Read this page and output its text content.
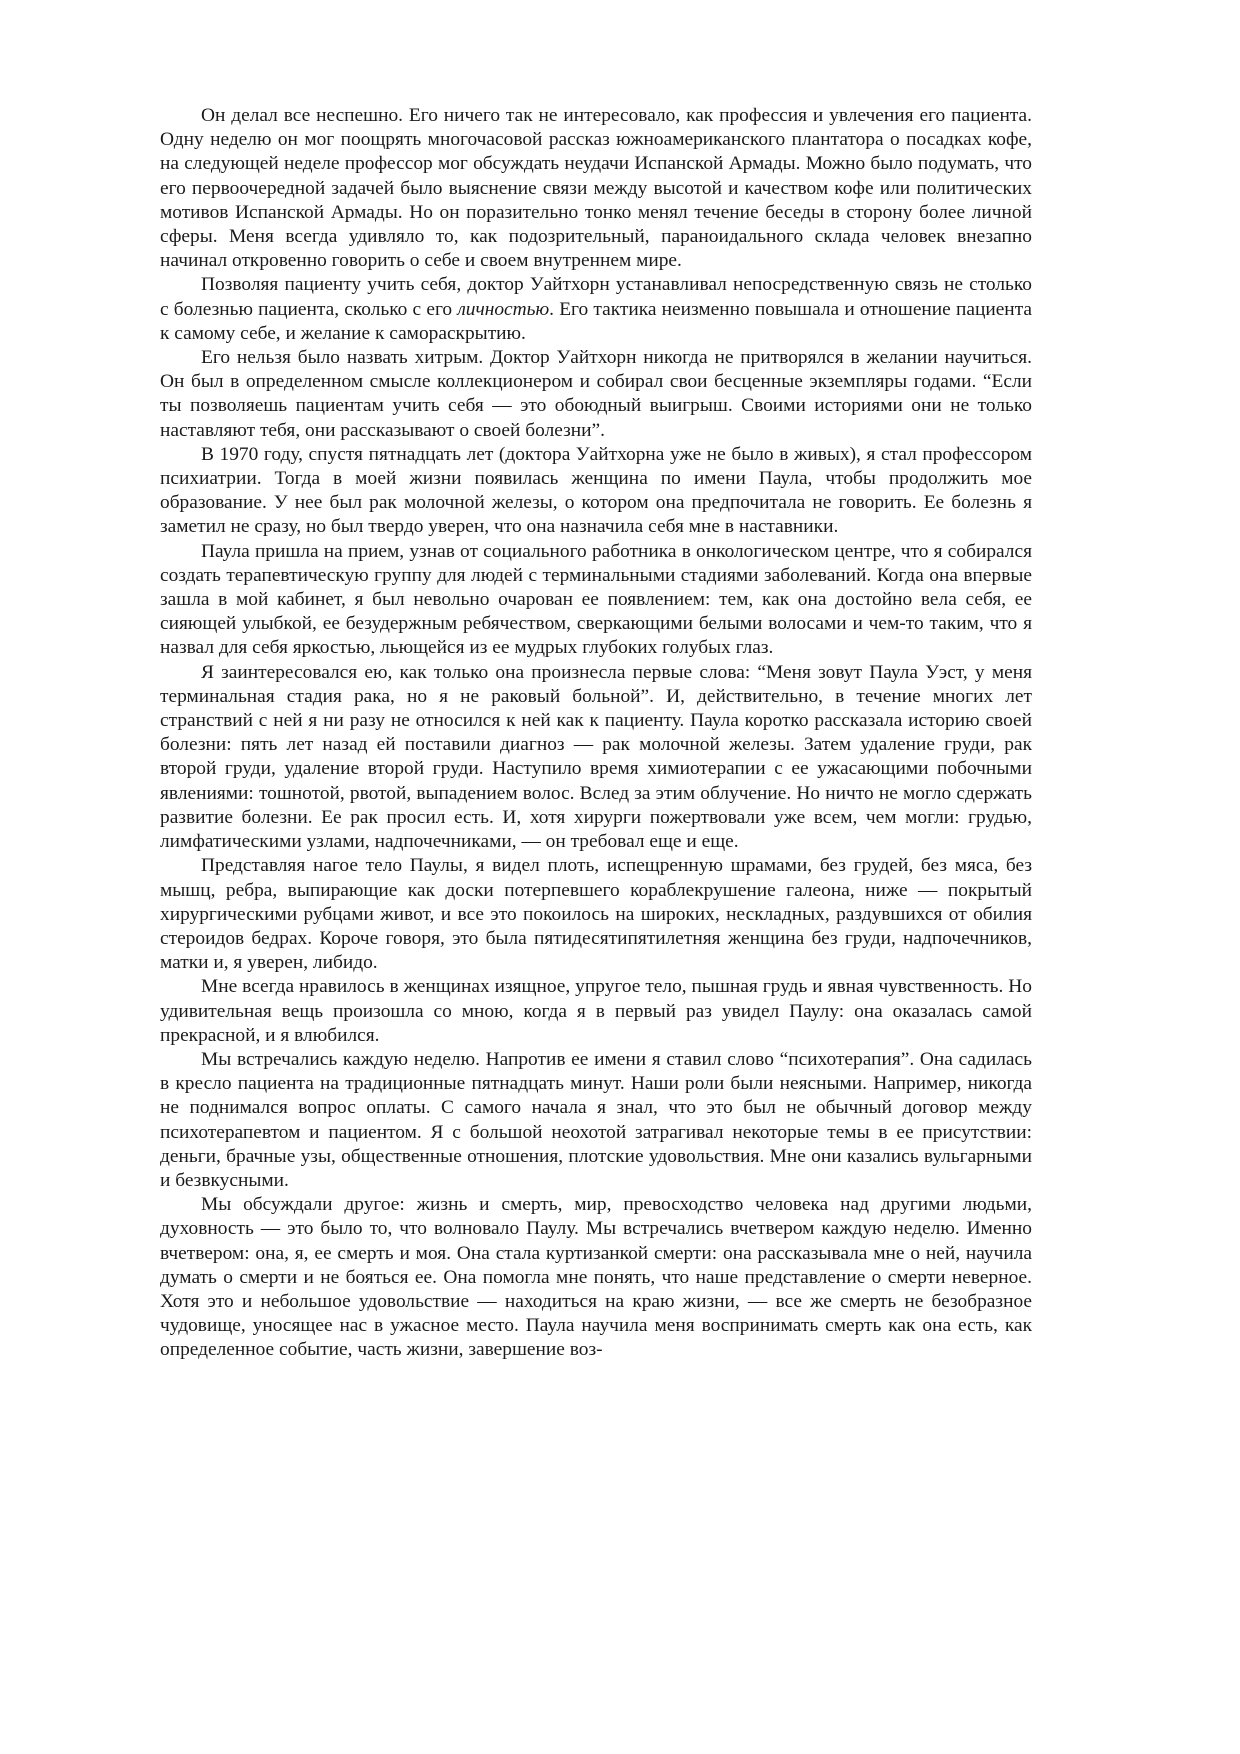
Он делал все неспешно. Его ничего так не интересовало, как профессия и увлечения его пациента. Одну неделю он мог поощрять многочасовой рассказ южноамериканского плантатора о посадках кофе, на следующей неделе профессор мог обсуждать неудачи Испанской Армады. Можно было подумать, что его первоочередной задачей было выяснение связи между высотой и качеством кофе или политических мотивов Испанской Армады. Но он поразительно тонко менял течение беседы в сторону более личной сферы. Меня всегда удивляло то, как подозрительный, параноидального склада человек внезапно начинал откровенно говорить о себе и своем внутреннем мире.

Позволяя пациенту учить себя, доктор Уайтхорн устанавливал непосредственную связь не столько с болезнью пациента, сколько с его личностью. Его тактика неизменно повышала и отношение пациента к самому себе, и желание к самораскрытию.

Его нельзя было назвать хитрым. Доктор Уайтхорн никогда не притворялся в желании научиться. Он был в определенном смысле коллекционером и собирал свои бесценные экземпляры годами. “Если ты позволяешь пациентам учить себя — это обоюдный выигрыш. Своими историями они не только наставляют тебя, они рассказывают о своей болезни”.

В 1970 году, спустя пятнадцать лет (доктора Уайтхорна уже не было в живых), я стал профессором психиатрии. Тогда в моей жизни появилась женщина по имени Паула, чтобы продолжить мое образование. У нее был рак молочной железы, о котором она предпочитала не говорить. Ее болезнь я заметил не сразу, но был твердо уверен, что она назначила себя мне в наставники.

Паула пришла на прием, узнав от социального работника в онкологическом центре, что я собирался создать терапевтическую группу для людей с терминальными стадиями заболеваний. Когда она впервые зашла в мой кабинет, я был невольно очарован ее появлением: тем, как она достойно вела себя, ее сияющей улыбкой, ее безудержным ребячеством, сверкающими белыми волосами и чем-то таким, что я назвал для себя яркостью, льющейся из ее мудрых глубоких голубых глаз.

Я заинтересовался ею, как только она произнесла первые слова: “Меня зовут Паула Уэст, у меня терминальная стадия рака, но я не раковый больной”. И, действительно, в течение многих лет странствий с ней я ни разу не относился к ней как к пациенту. Паула коротко рассказала историю своей болезни: пять лет назад ей поставили диагноз — рак молочной железы. Затем удаление груди, рак второй груди, удаление второй груди. Наступило время химиотерапии с ее ужасающими побочными явлениями: тошнотой, рвотой, выпадением волос. Вслед за этим облучение. Но ничто не могло сдержать развитие болезни. Ее рак просил есть. И, хотя хирурги пожертвовали уже всем, чем могли: грудью, лимфатическими узлами, надпочечниками, — он требовал еще и еще.

Представляя нагое тело Паулы, я видел плоть, испещренную шрамами, без грудей, без мяса, без мышц, ребра, выпирающие как доски потерпевшего кораблекрушение галеона, ниже — покрытый хирургическими рубцами живот, и все это покоилось на широких, нескладных, раздувшихся от обилия стероидов бедрах. Короче говоря, это была пятидесятипятилетняя женщина без груди, надпочечников, матки и, я уверен, либидо.

Мне всегда нравилось в женщинах изящное, упругое тело, пышная грудь и явная чувственность. Но удивительная вещь произошла со мною, когда я в первый раз увидел Паулу: она оказалась самой прекрасной, и я влюбился.

Мы встречались каждую неделю. Напротив ее имени я ставил слово “психотерапия”. Она садилась в кресло пациента на традиционные пятнадцать минут. Наши роли были неясными. Например, никогда не поднимался вопрос оплаты. С самого начала я знал, что это был не обычный договор между психотерапевтом и пациентом. Я с большой неохотой затрагивал некоторые темы в ее присутствии: деньги, брачные узы, общественные отношения, плотские удовольствия. Мне они казались вульгарными и безвкусными.

Мы обсуждали другое: жизнь и смерть, мир, превосходство человека над другими людьми, духовность — это было то, что волновало Паулу. Мы встречались вчетвером каждую неделю. Именно вчетвером: она, я, ее смерть и моя. Она стала куртизанкой смерти: она рассказывала мне о ней, научила думать о смерти и не бояться ее. Она помогла мне понять, что наше представление о смерти неверное. Хотя это и небольшое удовольствие — находиться на краю жизни, — все же смерть не безобразное чудовище, уносящее нас в ужасное место. Паула научила меня воспринимать смерть как она есть, как определенное событие, часть жизни, завершение воз-
